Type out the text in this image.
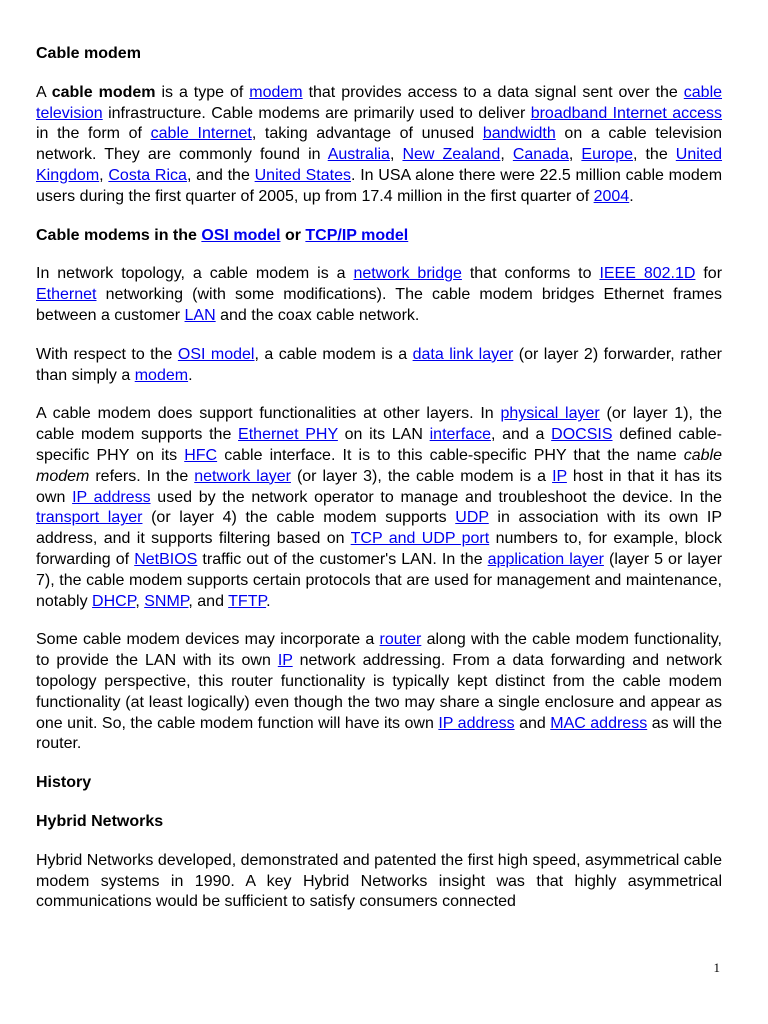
Cable modem

A cable modem is a type of modem that provides access to a data signal sent over the cable television infrastructure. Cable modems are primarily used to deliver broadband Internet access in the form of cable Internet, taking advantage of unused bandwidth on a cable television network. They are commonly found in Australia, New Zealand, Canada, Europe, the United Kingdom, Costa Rica, and the United States. In USA alone there were 22.5 million cable modem users during the first quarter of 2005, up from 17.4 million in the first quarter of 2004.

Cable modems in the OSI model or TCP/IP model

In network topology, a cable modem is a network bridge that conforms to IEEE 802.1D for Ethernet networking (with some modifications). The cable modem bridges Ethernet frames between a customer LAN and the coax cable network.

With respect to the OSI model, a cable modem is a data link layer (or layer 2) forwarder, rather than simply a modem.

A cable modem does support functionalities at other layers. In physical layer (or layer 1), the cable modem supports the Ethernet PHY on its LAN interface, and a DOCSIS defined cable-specific PHY on its HFC cable interface. It is to this cable-specific PHY that the name cable modem refers. In the network layer (or layer 3), the cable modem is a IP host in that it has its own IP address used by the network operator to manage and troubleshoot the device. In the transport layer (or layer 4) the cable modem supports UDP in association with its own IP address, and it supports filtering based on TCP and UDP port numbers to, for example, block forwarding of NetBIOS traffic out of the customer's LAN. In the application layer (layer 5 or layer 7), the cable modem supports certain protocols that are used for management and maintenance, notably DHCP, SNMP, and TFTP.

Some cable modem devices may incorporate a router along with the cable modem functionality, to provide the LAN with its own IP network addressing. From a data forwarding and network topology perspective, this router functionality is typically kept distinct from the cable modem functionality (at least logically) even though the two may share a single enclosure and appear as one unit. So, the cable modem function will have its own IP address and MAC address as will the router.

History
Hybrid Networks

Hybrid Networks developed, demonstrated and patented the first high speed, asymmetrical cable modem systems in 1990. A key Hybrid Networks insight was that highly asymmetrical communications would be sufficient to satisfy consumers connected

1
